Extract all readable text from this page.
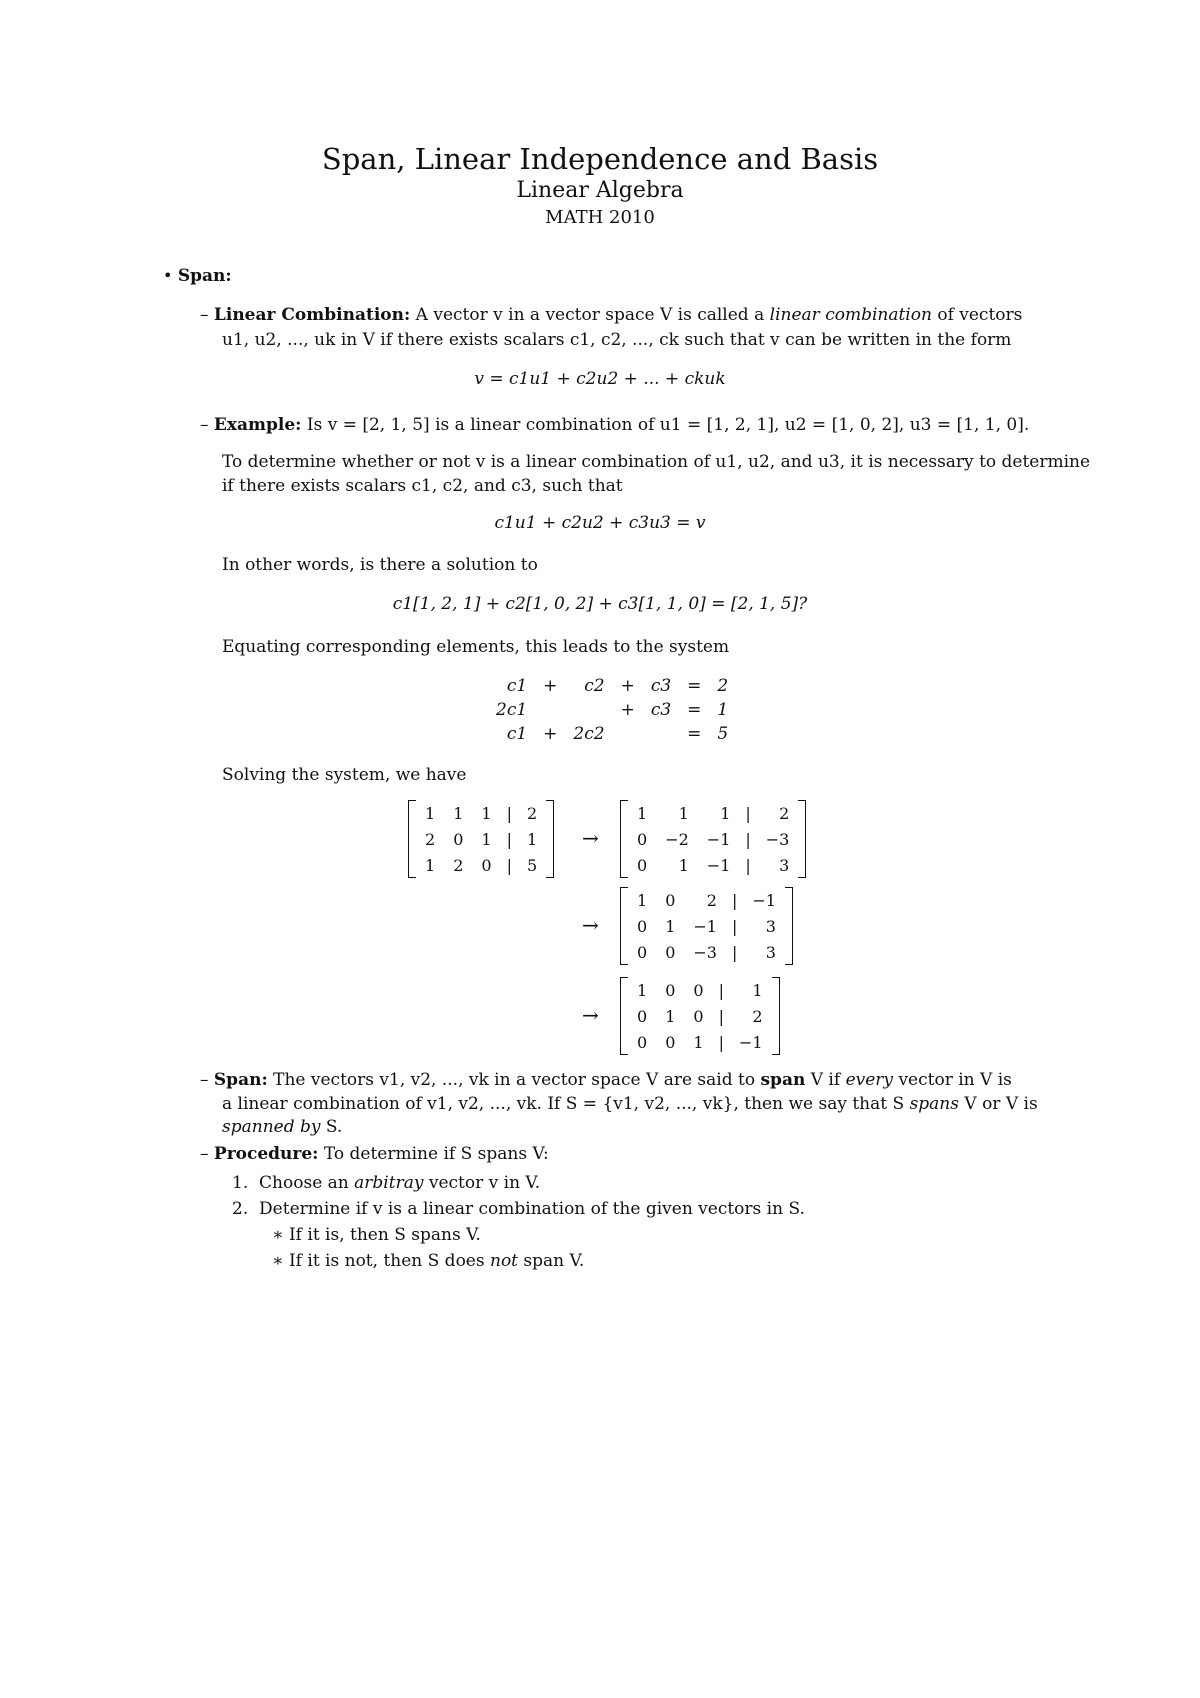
Span, Linear Independence and Basis
Linear Algebra
MATH 2010
• Span:
– Linear Combination: A vector v in a vector space V is called a linear combination of vectors
u1, u2, ..., uk in V if there exists scalars c1, c2, ..., ck such that v can be written in the form
v = c1u1 + c2u2 + ... + ckuk
– Example: Is v = [2, 1, 5] is a linear combination of u1 = [1, 2, 1], u2 = [1, 0, 2], u3 = [1, 1, 0].
To determine whether or not v is a linear combination of u1, u2, and u3, it is necessary to determine
if there exists scalars c1, c2, and c3, such that
c1u1 + c2u2 + c3u3 = v
In other words, is there a solution to
c1[1, 2, 1] + c2[1, 0, 2] + c3[1, 1, 0] = [2, 1, 5]?
Equating corresponding elements, this leads to the system
c1	+	c2	+	c3	=	2
2c1			+	c3	=	1
c1	+	2c2			=	5
Solving the system, we have
1	1	1	|	2
2	0	1	|	1
1	2	0	|	5
1	1	1	|	2
0	−2	−1	|	−3
0	1	−1	|	3
1	0	2	|	−1
0	1	−1	|	3
0	0	−3	|	3
1	0	0	|	1
0	1	0	|	2
0	0	1	|	−1
→
→
→
– Span: The vectors v1, v2, ..., vk in a vector space V are said to span V if every vector in V is
a linear combination of v1, v2, ..., vk. If S = {v1, v2, ..., vk}, then we say that S spans V or V is
spanned by S.
– Procedure: To determine if S spans V:
1. Choose an arbitray vector v in V.
2. Determine if v is a linear combination of the given vectors in S.
∗ If it is, then S spans V.
∗ If it is not, then S does not span V.
